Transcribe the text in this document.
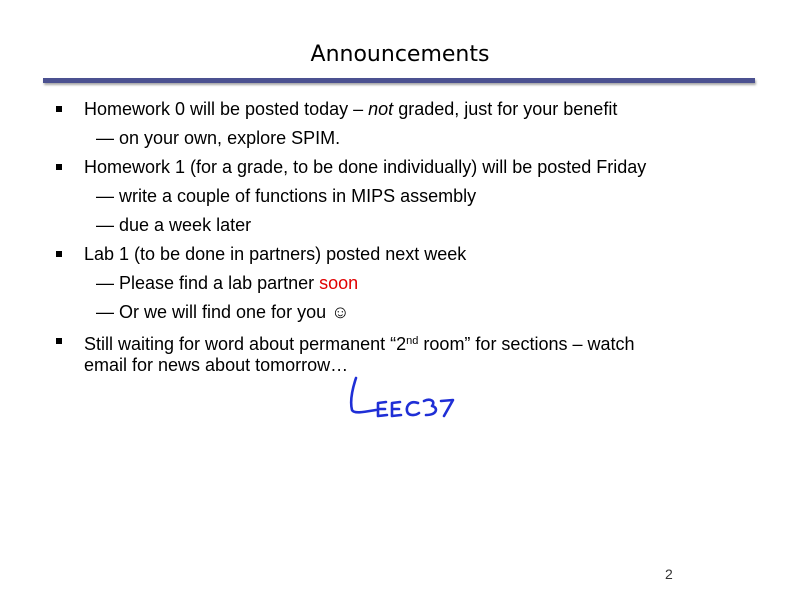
Announcements
Homework 0 will be posted today – not graded, just for your benefit
— on your own, explore SPIM.
Homework 1 (for a grade, to be done individually) will be posted Friday
— write a couple of functions in MIPS assembly
— due a week later
Lab 1 (to be done in partners) posted next week
— Please find a lab partner soon
— Or we will find one for you ☺
Still waiting for word about permanent “2nd room” for sections – watch
email for news about tomorrow…
2
